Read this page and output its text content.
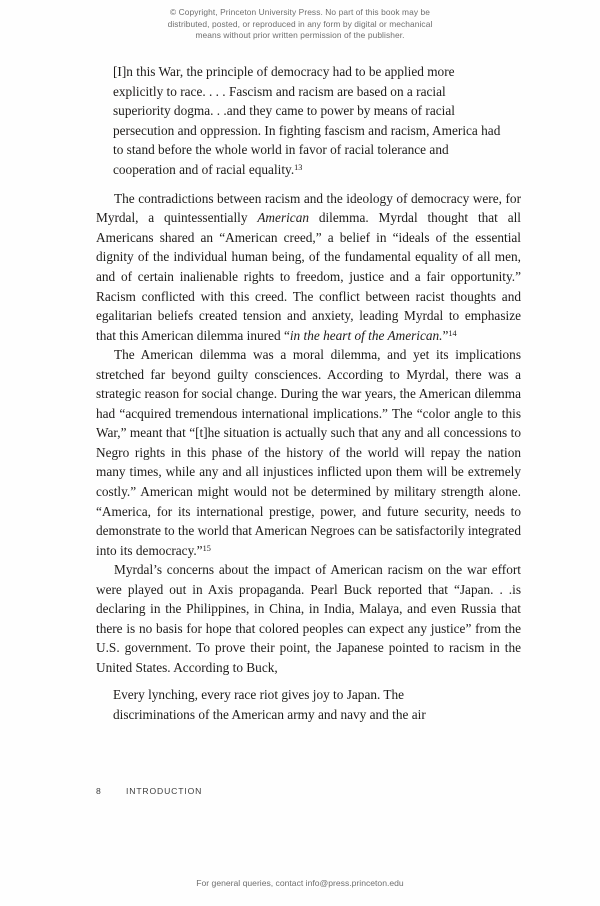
© Copyright, Princeton University Press. No part of this book may be
distributed, posted, or reproduced in any form by digital or mechanical
means without prior written permission of the publisher.
[I]n this War, the principle of democracy had to be applied more explicitly to race. . . . Fascism and racism are based on a racial superiority dogma. . .and they came to power by means of racial persecution and oppression. In fighting fascism and racism, America had to stand before the whole world in favor of racial tolerance and cooperation and of racial equality.$^{13}$

The contradictions between racism and the ideology of democracy were, for Myrdal, a quintessentially American dilemma. Myrdal thought that all Americans shared an “American creed,” a belief in “ideals of the essential dignity of the individual human being, of the fundamental equality of all men, and of certain inalienable rights to freedom, justice and a fair opportunity.” Racism conflicted with this creed. The conflict between racist thoughts and egalitarian beliefs created tension and anxiety, leading Myrdal to emphasize that this American dilemma inured “in the heart of the American.”$^{14}$

The American dilemma was a moral dilemma, and yet its implications stretched far beyond guilty consciences. According to Myrdal, there was a strategic reason for social change. During the war years, the American dilemma had “acquired tremendous international implications.” The “color angle to this War,” meant that “[t]he situation is actually such that any and all concessions to Negro rights in this phase of the history of the world will repay the nation many times, while any and all injustices inflicted upon them will be extremely costly.” American might would not be determined by military strength alone. “America, for its international prestige, power, and future security, needs to demonstrate to the world that American Negroes can be satisfactorily integrated into its democracy.”$^{15}$

Myrdal’s concerns about the impact of American racism on the war effort were played out in Axis propaganda. Pearl Buck reported that “Japan. . .is declaring in the Philippines, in China, in India, Malaya, and even Russia that there is no basis for hope that colored peoples can expect any justice” from the U.S. government. To prove their point, the Japanese pointed to racism in the United States. According to Buck,

Every lynching, every race riot gives joy to Japan. The discriminations of the American army and navy and the air
8	INTRODUCTION
For general queries, contact info@press.princeton.edu
